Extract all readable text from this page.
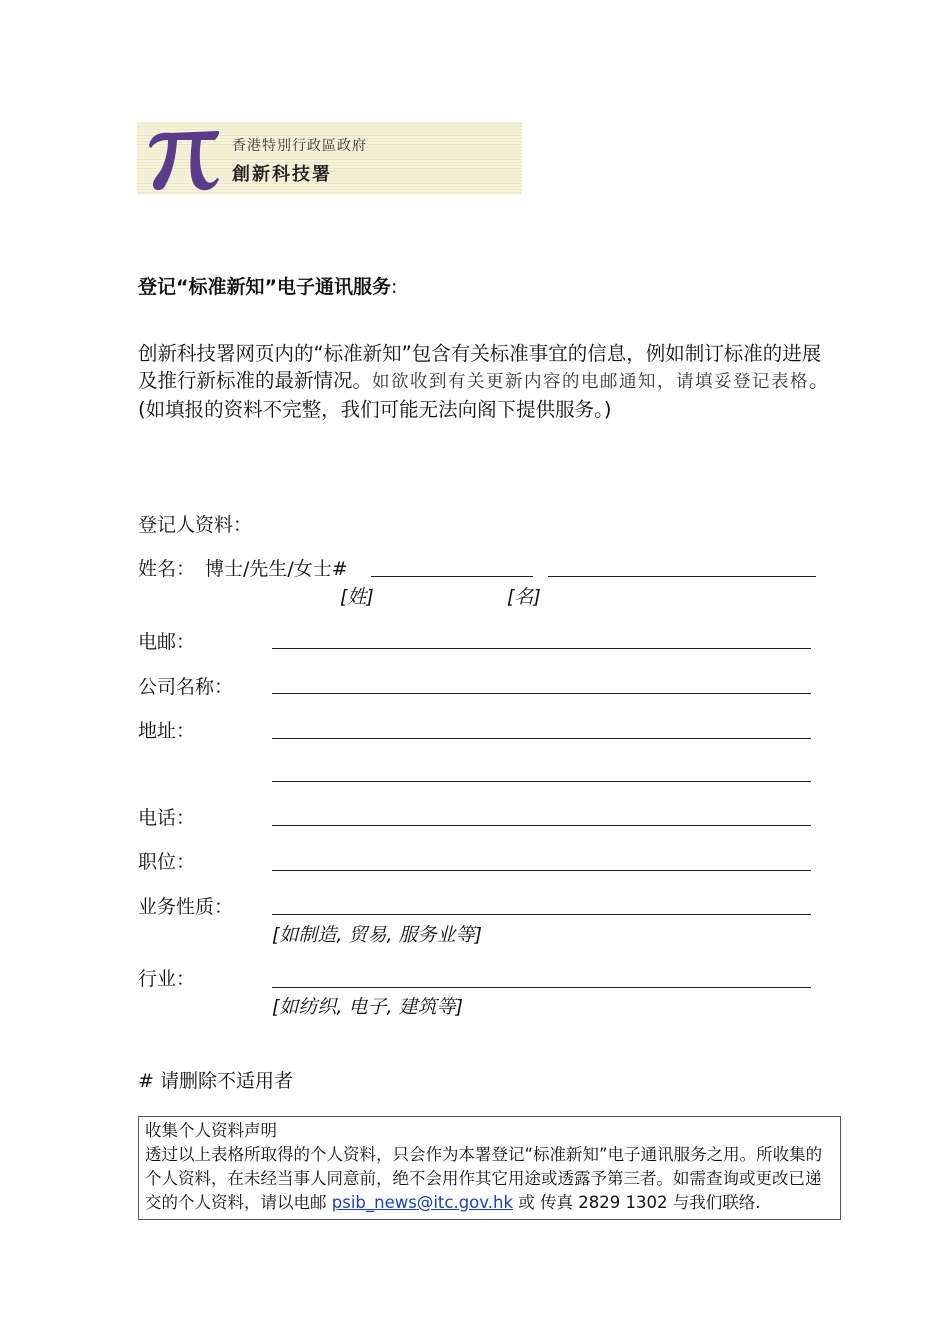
香港特別行政區政府
創新科技署
登记“标准新知”电子通讯服务:
创新科技署网页内的“标准新知”包含有关标准事宜的信息，例如制订标准的进展及推行新标准的最新情况。如欲收到有关更新内容的电邮通知，请填妥登记表格。(如填报的资料不完整，我们可能无法向阁下提供服务。)
登记人资料：
姓名： 博士/先生/女士#
[姓]	[名]
电邮：
公司名称：
地址：
电话：
职位：
业务性质：
[如制造, 贸易, 服务业等]
行业：
[如纺织, 电子, 建筑等]
# 请删除不适用者
收集个人资料声明
透过以上表格所取得的个人资料，只会作为本署登记“标准新知”电子通讯服务之用。所收集的个人资料，在未经当事人同意前，绝不会用作其它用途或透露予第三者。如需查询或更改已递交的个人资料，请以电邮 psib_news@itc.gov.hk 或 传真 2829 1302 与我们联络.
